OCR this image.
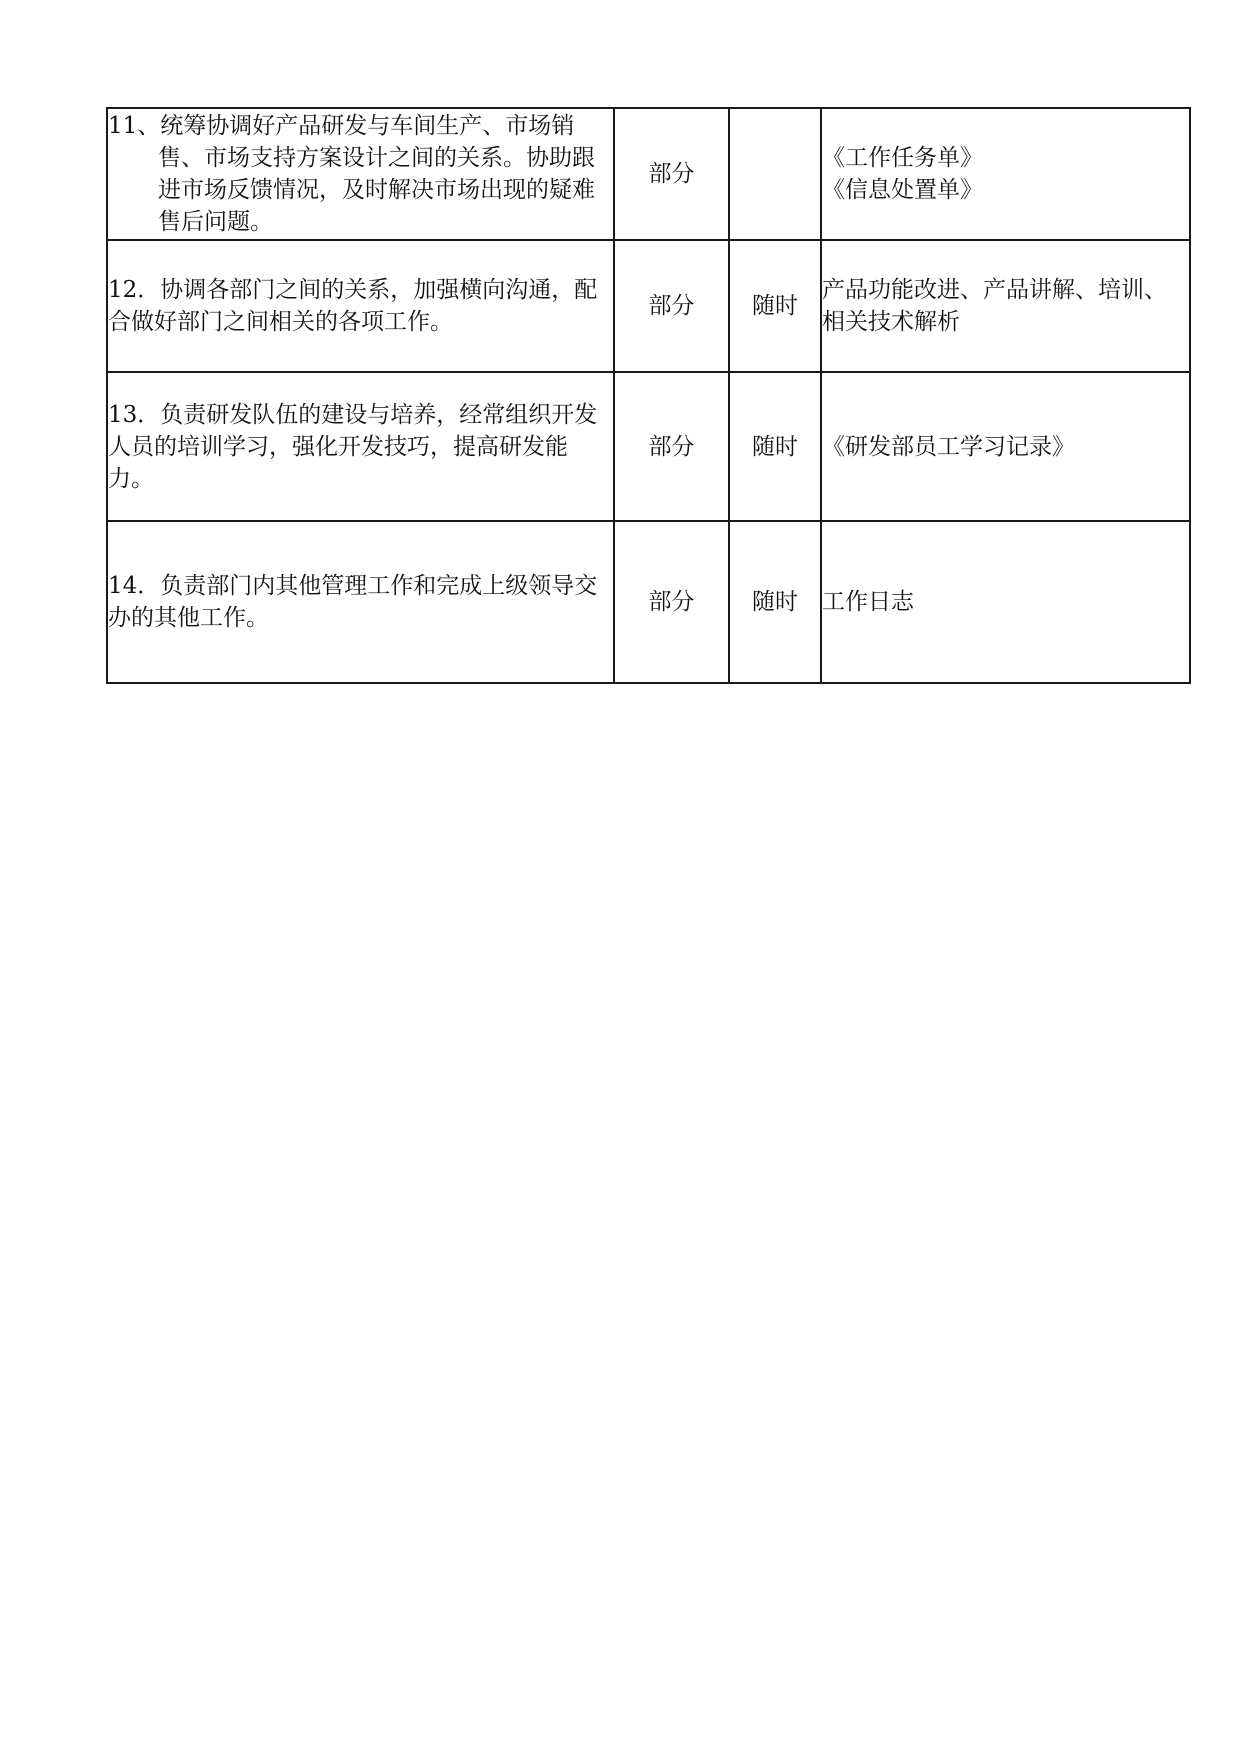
11、统筹协调好产品研发与车间生产、市场销售、市场支持方案设计之间的关系。协助跟进市场反馈情况，及时解决市场出现的疑难售后问题。	部分		《工作任务单》
《信息处置单》

12．协调各部门之间的关系，加强横向沟通，配合做好部门之间相关的各项工作。	部分	随时	产品功能改进、产品讲解、培训、相关技术解析
13．负责研发队伍的建设与培养，经常组织开发人员的培训学习，强化开发技巧，提高研发能力。	部分	随时	《研发部员工学习记录》
14．负责部门内其他管理工作和完成上级领导交办的其他工作。	部分	随时	工作日志
